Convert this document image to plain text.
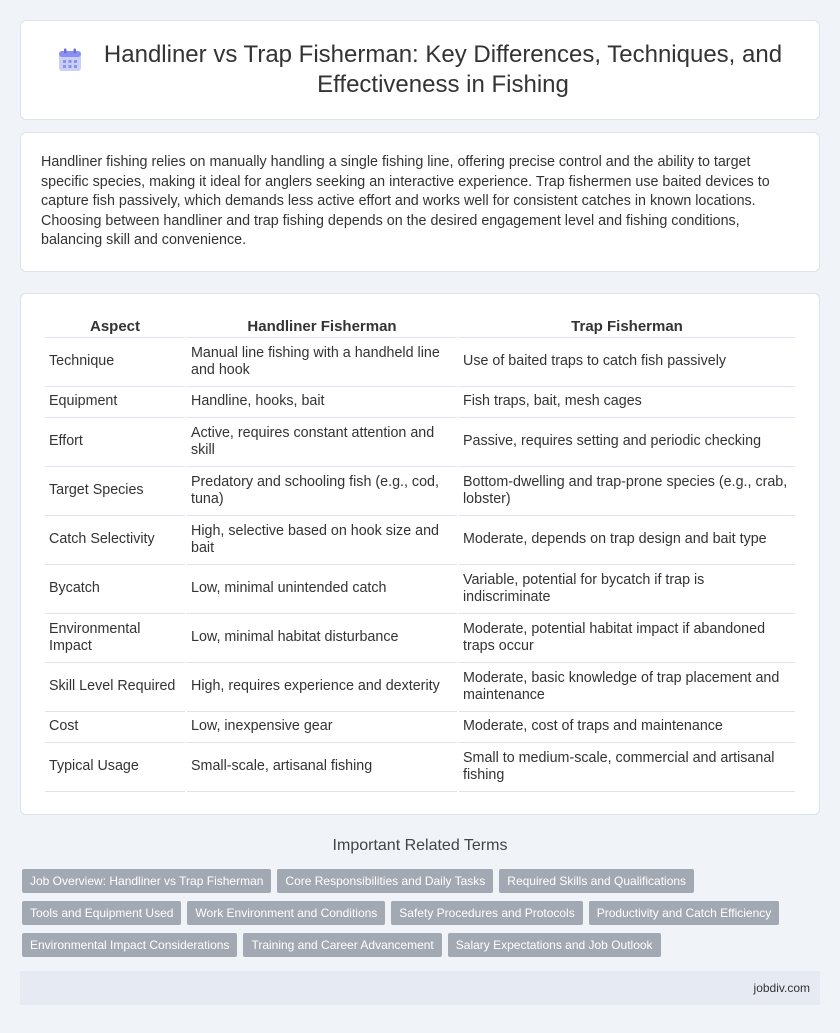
Handliner vs Trap Fisherman: Key Differences, Techniques, and Effectiveness in Fishing

Handliner fishing relies on manually handling a single fishing line, offering precise control and the ability to target specific species, making it ideal for anglers seeking an interactive experience. Trap fishermen use baited devices to capture fish passively, which demands less active effort and works well for consistent catches in known locations. Choosing between handliner and trap fishing depends on the desired engagement level and fishing conditions, balancing skill and convenience.

Aspect	Handliner Fisherman	Trap Fisherman
Technique	Manual line fishing with a handheld line and hook	Use of baited traps to catch fish passively
Equipment	Handline, hooks, bait	Fish traps, bait, mesh cages
Effort	Active, requires constant attention and skill	Passive, requires setting and periodic checking
Target Species	Predatory and schooling fish (e.g., cod, tuna)	Bottom-dwelling and trap-prone species (e.g., crab, lobster)
Catch Selectivity	High, selective based on hook size and bait	Moderate, depends on trap design and bait type
Bycatch	Low, minimal unintended catch	Variable, potential for bycatch if trap is indiscriminate
Environmental Impact	Low, minimal habitat disturbance	Moderate, potential habitat impact if abandoned traps occur
Skill Level Required	High, requires experience and dexterity	Moderate, basic knowledge of trap placement and maintenance
Cost	Low, inexpensive gear	Moderate, cost of traps and maintenance
Typical Usage	Small-scale, artisanal fishing	Small to medium-scale, commercial and artisanal fishing
Important Related Terms
Job Overview: Handliner vs Trap Fisherman	Core Responsibilities and Daily Tasks	Required Skills and Qualifications
Tools and Equipment Used	Work Environment and Conditions	Safety Procedures and Protocols	Productivity and Catch Efficiency
Environmental Impact Considerations	Training and Career Advancement	Salary Expectations and Job Outlook
jobdiv.com
